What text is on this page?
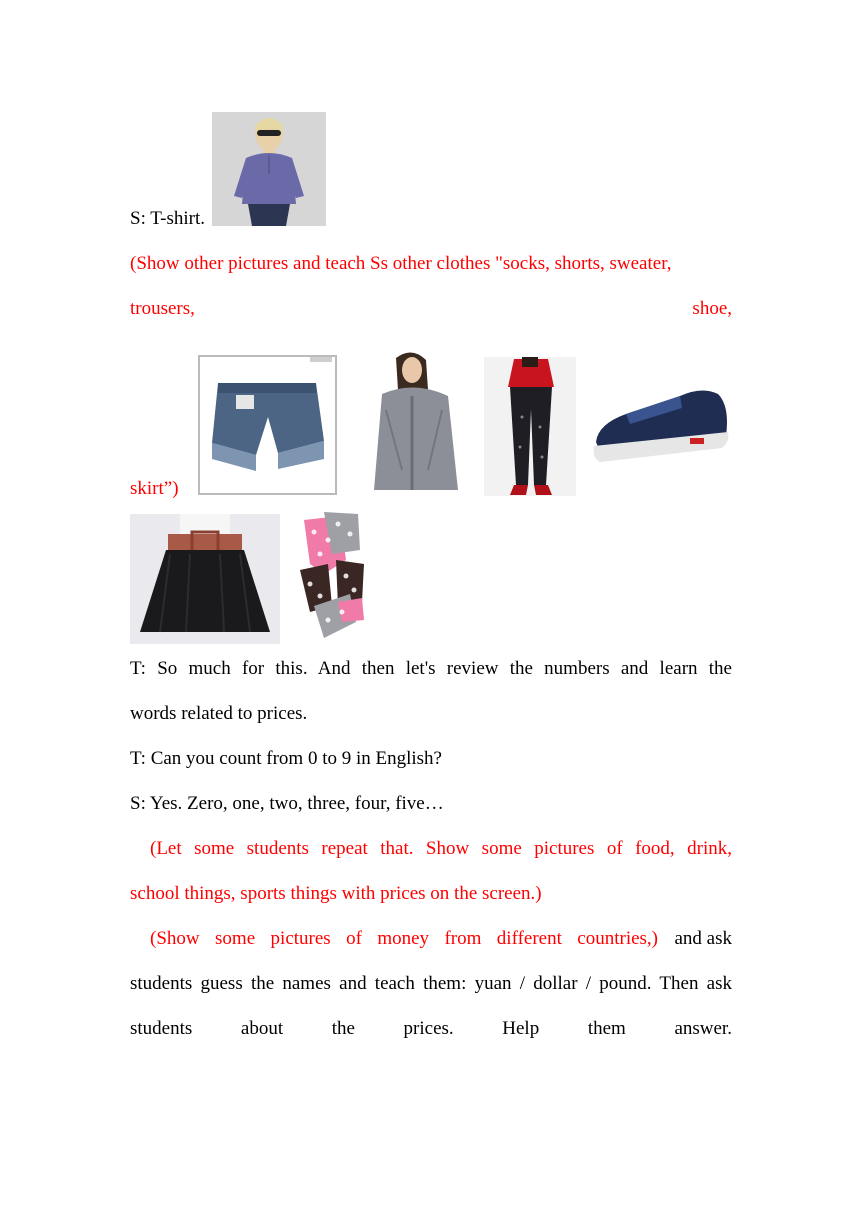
S: T-shirt.
(Show other pictures and teach Ss other clothes "socks, shorts, sweater,
trousers,	shoe,
skirt”)
T: So much for this. And then let's review the numbers and learn the
words related to prices.
T: Can you count from 0 to 9 in English?
S: Yes. Zero, one, two, three, four, five…
(Let some students repeat that. Show some pictures of food, drink,
school things, sports things with prices on the screen.)
(Show some pictures of money from different countries,) and ask
students guess the names and teach them: yuan / dollar / pound. Then ask
students	about	the	prices.	Help	them	answer.
